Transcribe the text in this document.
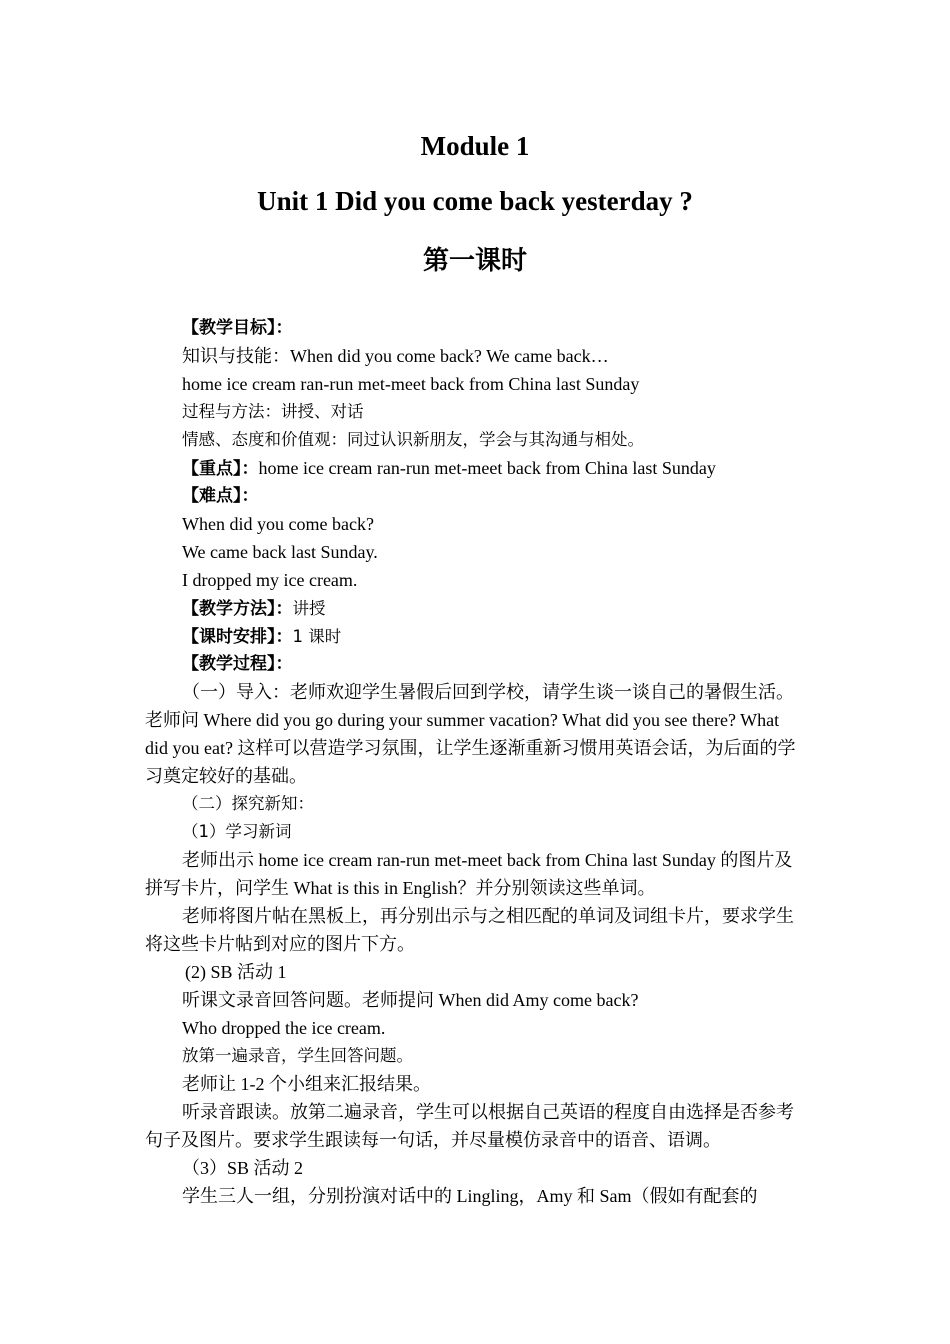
Module 1
Unit 1 Did you come back yesterday ?
第一课时
【教学目标】：
知识与技能：When did you come back? We came back…
home ice cream ran-run met-meet back from China last Sunday
过程与方法：讲授、对话
情感、态度和价值观：同过认识新朋友，学会与其沟通与相处。
【重点】：home ice cream ran-run met-meet back from China last Sunday
【难点】：
When did you come back?
We came back last Sunday.
I dropped my ice cream.
【教学方法】：讲授
【课时安排】：1 课时
【教学过程】：
（一）导入：老师欢迎学生暑假后回到学校，请学生谈一谈自己的暑假生活。老师问 Where did you go during your summer vacation? What did you see there? What did you eat? 这样可以营造学习氛围，让学生逐渐重新习惯用英语会话，为后面的学习奠定较好的基础。
（二）探究新知：
（1）学习新词
老师出示 home ice cream ran-run met-meet back from China last Sunday 的图片及拼写卡片，问学生 What is this in English？并分别领读这些单词。
老师将图片帖在黑板上，再分别出示与之相匹配的单词及词组卡片，要求学生将这些卡片帖到对应的图片下方。
(2) SB 活动 1
听课文录音回答问题。老师提问 When did Amy come back?
Who dropped the ice cream.
放第一遍录音，学生回答问题。
老师让 1-2 个小组来汇报结果。
听录音跟读。放第二遍录音，学生可以根据自己英语的程度自由选择是否参考句子及图片。要求学生跟读每一句话，并尽量模仿录音中的语音、语调。
（3）SB 活动 2
学生三人一组，分别扮演对话中的 Lingling，Amy 和 Sam（假如有配套的
